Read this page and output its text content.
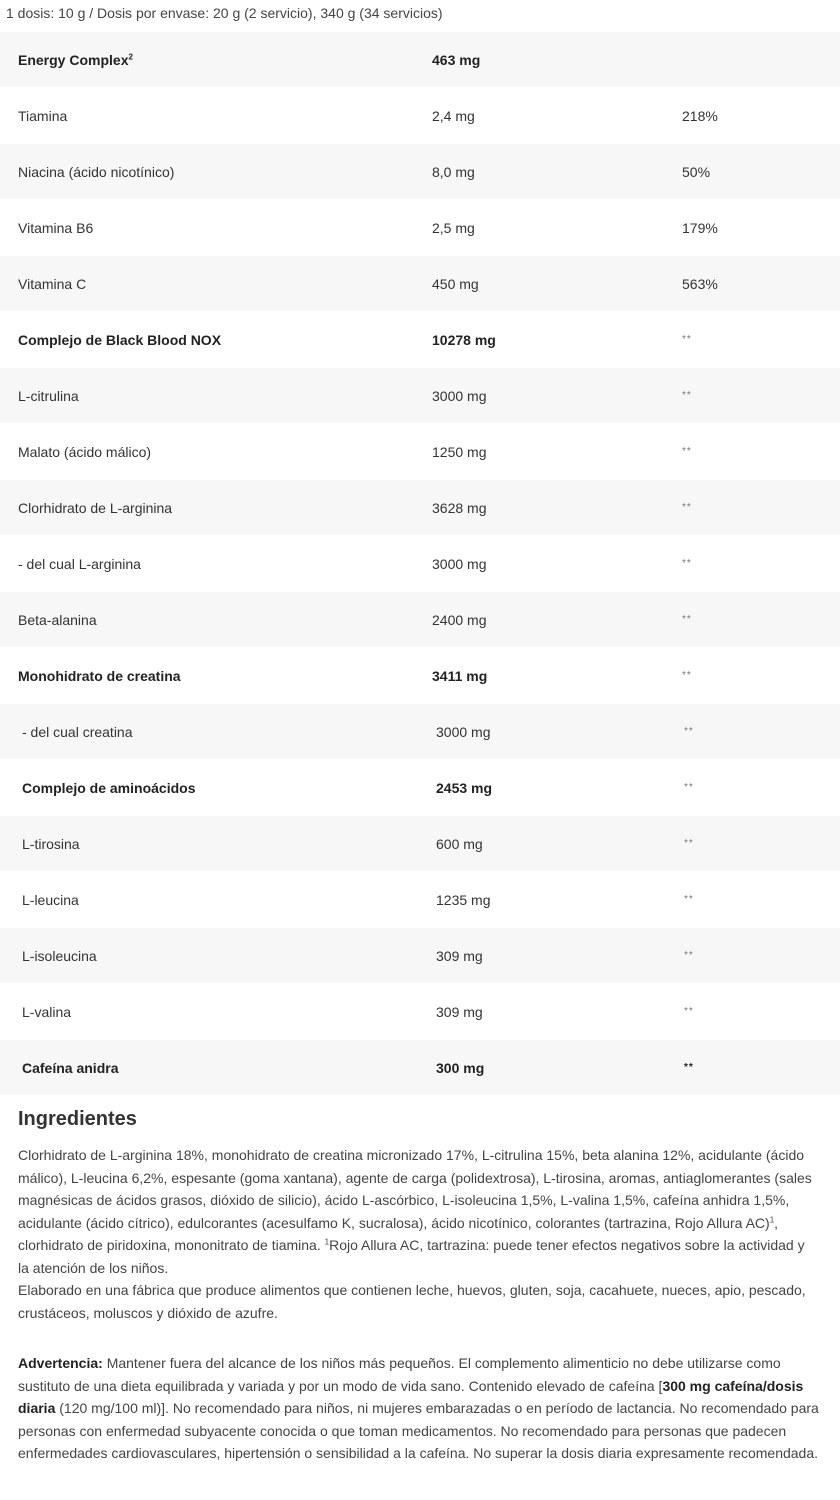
1 dosis: 10 g / Dosis por envase: 20 g (2 servicio), 340 g (34 servicios)
Energy Complex$^2$	463 mg
Tiamina	2,4 mg	218%
Niacina (ácido nicotínico)	8,0 mg	50%
Vitamina B6	2,5 mg	179%
Vitamina C	450 mg	563%
Complejo de Black Blood NOX	10278 mg	**
L-citrulina	3000 mg	**
Malato (ácido málico)	1250 mg	**
Clorhidrato de L-arginina	3628 mg	**
- del cual L-arginina	3000 mg	**
Beta-alanina	2400 mg	**
Monohidrato de creatina	3411 mg	**
- del cual creatina	3000 mg	**
Complejo de aminoácidos	2453 mg	**
L-tirosina	600 mg	**
L-leucina	1235 mg	**
L-isoleucina	309 mg	**
L-valina	309 mg	**
Cafeína anidra	300 mg	**
Ingredientes

Clorhidrato de L-arginina 18%, monohidrato de creatina micronizado 17%, L-citrulina 15%, beta alanina 12%, acidulante (ácido málico), L-leucina 6,2%, espesante (goma xantana), agente de carga (polidextrosa), L-tirosina, aromas, antiaglomerantes (sales magnésicas de ácidos grasos, dióxido de silicio), ácido L-ascórbico, L-isoleucina 1,5%, L-valina 1,5%, cafeína anhidra 1,5%, acidulante (ácido cítrico), edulcorantes (acesulfamo K, sucralosa), ácido nicotínico, colorantes (tartrazina, Rojo Allura AC)$^1$, clorhidrato de piridoxina, mononitrato de tiamina. $^1$Rojo Allura AC, tartrazina: puede tener efectos negativos sobre la actividad y la atención de los niños.

Elaborado en una fábrica que produce alimentos que contienen leche, huevos, gluten, soja, cacahuete, nueces, apio, pescado, crustáceos, moluscos y dióxido de azufre.

Advertencia: Mantener fuera del alcance de los niños más pequeños. El complemento alimenticio no debe utilizarse como sustituto de una dieta equilibrada y variada y por un modo de vida sano. Contenido elevado de cafeína [300 mg cafeína/dosis diaria (120 mg/100 ml)]. No recomendado para niños, ni mujeres embarazadas o en período de lactancia. No recomendado para personas con enfermedad subyacente conocida o que toman medicamentos. No recomendado para personas que padecen enfermedades cardiovasculares, hipertensión o sensibilidad a la cafeína. No superar la dosis diaria expresamente recomendada.
